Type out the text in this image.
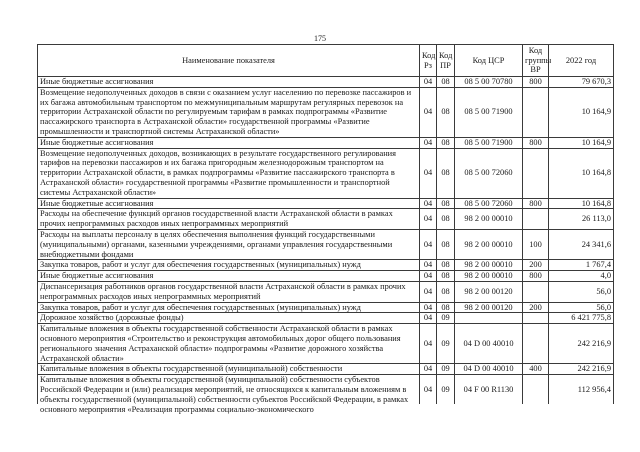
175
Наименование показателя	Код Рз	Код ПР	Код ЦСР	Код группы ВР	2022 год
Иные бюджетные ассигнования	04	08	08 5 00 70780	800	79 670,3
Возмещение недополученных доходов в связи с оказанием услуг населению по перевозке пассажиров и их багажа автомобильным транспортом по межмуниципальным маршрутам регулярных перевозок на территории Астраханской области по регулируемым тарифам в рамках подпрограммы «Развитие пассажирского транспорта в Астраханской области» государственной программы «Развитие промышленности и транспортной системы Астраханской области»	04	08	08 5 00 71900		10 164,9
Иные бюджетные ассигнования	04	08	08 5 00 71900	800	10 164,9
Возмещение недополученных доходов, возникающих в результате государственного регулирования тарифов на перевозки пассажиров и их багажа пригородным железнодорожным транспортом на территории Астраханской области, в рамках подпрограммы «Развитие пассажирского транспорта в Астраханской области» государственной программы «Развитие промышленности и транспортной системы Астраханской области»	04	08	08 5 00 72060		10 164,8
Иные бюджетные ассигнования	04	08	08 5 00 72060	800	10 164,8
Расходы на обеспечение функций органов государственной власти Астраханской области в рамках прочих непрограммных расходов иных непрограммных мероприятий	04	08	98 2 00 00010		26 113,0
Расходы на выплаты персоналу в целях обеспечения выполнения функций государственными (муниципальными) органами, казенными учреждениями, органами управления государственными внебюджетными фондами	04	08	98 2 00 00010	100	24 341,6
Закупка товаров, работ и услуг для обеспечения государственных (муниципальных) нужд	04	08	98 2 00 00010	200	1 767,4
Иные бюджетные ассигнования	04	08	98 2 00 00010	800	4,0
Диспансеризация работников органов государственной власти Астраханской области в рамках прочих непрограммных расходов иных непрограммных мероприятий	04	08	98 2 00 00120		56,0
Закупка товаров, работ и услуг для обеспечения государственных (муниципальных) нужд	04	08	98 2 00 00120	200	56,0
Дорожное хозяйство (дорожные фонды)	04	09			6 421 775,8
Капитальные вложения в объекты государственной собственности Астраханской области в рамках основного мероприятия «Строительство и реконструкция автомобильных дорог общего пользования регионального значения Астраханской области» подпрограммы «Развитие дорожного хозяйства Астраханской области»	04	09	04 D 00 40010		242 216,9
Капитальные вложения в объекты государственной (муниципальной) собственности	04	09	04 D 00 40010	400	242 216,9

Капитальные вложения в объекты государственной (муниципальной) собственности субъектов Российской Федерации и (или) реализация мероприятий, не относящихся к капитальным вложениям в объекты государственной (муниципальной) собственности субъектов Российской Федерации, в рамках основного мероприятия «Реализация программы социально-экономического	04	09	04 F 00 R1130		112 956,4
